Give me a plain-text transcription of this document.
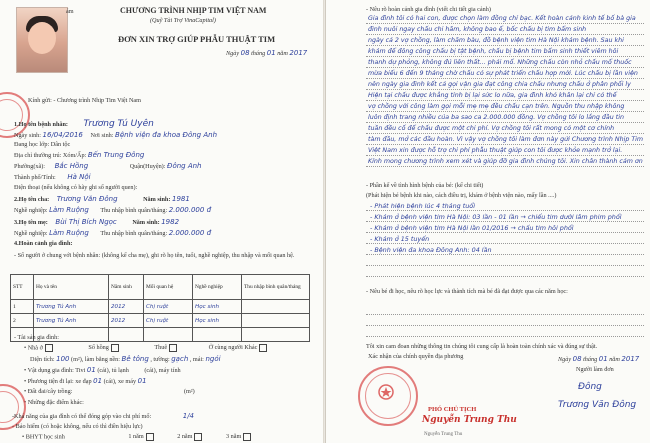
ám	CHƯƠNG TRÌNH NHỊP TIM VIỆT NAM
(Quỹ Tài Trợ VinaCapital)
ĐƠN XIN TRỢ GIÚP PHẪU THUẬT TIM
Ngày 08 tháng 01 năm 2017
Kính gửi: - Chương trình Nhịp Tim Việt Nam
1.Họ tên bệnh nhân: Trương Tú Uyên
Ngày sinh: 16/04/2016 Nơi sinh: Bệnh viện đa khoa Đông Anh
Đang học lớp: Dân tộc
Địa chỉ thường trú: Xóm/Ấp: Bến Trung Đông
Phường(xã): Bắc Hồng	Quận(Huyện): Đông Anh
Thành phố/Tỉnh: Hà Nội
Điện thoại (nếu không có hãy ghi số người quen):
2.Họ tên cha: Trương Văn Đông	Năm sinh: 1981
Nghề nghiệp: Làm Ruộng Thu nhập bình quân/tháng: 2.000.000 đ
3.Họ tên mẹ: Bùi Thị Bích Ngọc	Năm sinh: 1982
Nghề nghiệp: Làm Ruộng Thu nhập bình quân/tháng: 2.000.000 đ
4.Hoàn cảnh gia đình:
- Số người ở chung với bệnh nhân: (không kể cha mẹ), ghi rõ họ tên, tuổi, nghề nghiệp, thu nhập và mối quan hệ.
STT	Họ và tên	Năm sinh	Mối quan hệ	Nghề nghiệp	Thu nhập bình quân/tháng
1	Trương Tú Anh	2012	Chị ruột	Học sinh	
2	Trương Tú Anh	2012	Chị ruột	Học sinh	

- Tài sản gia đình:
• Nhà ở	Sổ hồng	Thuê	Ở cùng người Khác
Diện tích: 100 (m²), làm bằng nền: Bê tông , tường: gạch , mái: ngói
• Vật dụng gia đình: Tivi 01 (cái), tủ lạnh	(cái), máy tính
• Phương tiện đi lại: xe đạp 01 (cái), xe máy 01
• Đất đai/cây trồng:	(m²)
• Những đặc điểm khác:
-Khả năng của gia đình có thể đóng góp vào chi phí mổ:	1/4
- Bảo hiểm (có hoặc không, nếu có thì điền hiệu lực)
• BHYT học sinh	1 năm	2 năm	3 năm
- Nêu rõ hoàn cảnh gia đình (viết chi tiết gia cảnh)
Gia đình tôi có hai con, được chọn làm đồng chỉ bạc. Kết hoàn cảnh kinh tế bố bà gia
đình nuôi ngay chấu chi hãm, không bao ể, bốc chấu bị tim bẩm sinh
ngày cả 2 vợ chồng, làm chăm bàu, đồ bệnh viện tim Hà Nội khám bệnh. Sau khi
khám để đông công chấu bị tật bệnh, chấu bị bệnh tim bẩm sinh thiết viêm hôi
thanh dự phỏng, không đủ liên thất... phải mổ. Những chấu còn nhỏ chấu mổ thuốc
mừa biểu 6 đến 9 tháng chờ chấu có sự phát triển chấu hợp mới. Lúc chấu bị lần viện
nên ngày gia đình kết cả gọi vận gia đạt công chia chấu nhưng chấu ở phân phổi ly
Hiện tại chấu được khẳng tỉnh bị lại sức lo nữa, gia đình khó khăn lại chỉ có thể
vợ chồng với công làm gọi mỗi mẹ mẹ đều chấu cạn trên. Nguồn thu nhập không
luôn định trang nhiều của ba sao ca 2.000.000 đồng. Vợ chồng tôi lo lắng đầu tin
tuần đều cố để chấu được một chi phí. Vợ chồng tôi rất mong có một cơ chính
tàm đầu, mở các đầu hoàn. Vì vậy vợ chồng tôi làm đơn này gửi Chương trình Nhịp Tim
Việt Nam xin được hỗ trợ chi phí phẫu thuật giúp con tôi được khỏe mạnh trở lại.
Kính mong chương trình xem xét và giúp đỡ gia đình chúng tôi. Xin chân thành cảm ơn
- Phần kể về tình hình bệnh của bé: (kể chi tiết)
(Phát hiện bé bệnh khi nào, cách điều trị, khám ở bệnh viện nào, mấy lần ....)
- Phát hiện bệnh lúc 4 tháng tuổi
- Khám ở bệnh viện tim Hà Nội: 03 lần - 01 lần → chiếu tim dưới lâm phim phổi
- Khám ở bệnh viện tim Hà Nội lần 01/2016 → chấu tim hôi phổi
- Khám ở 15 tuyến
- Bệnh viện đa khoa Đông Anh: 04 lần
- Nêu bé đi học, nêu rõ học lực và thành tích mà bé đã đạt được qua các năm học:
Tôi xin cam đoan những thông tin chúng tôi cung cấp là hoàn toàn chính xác và đúng sự thật.
Xác nhận của chính quyền địa phương	Ngày 08 tháng 01 năm 2017
Người làm đơn
Đông
Trương Văn Đông
PHÓ CHỦ TỊCH
Nguyễn Trung Thu
Nguyễn Trung Thu
